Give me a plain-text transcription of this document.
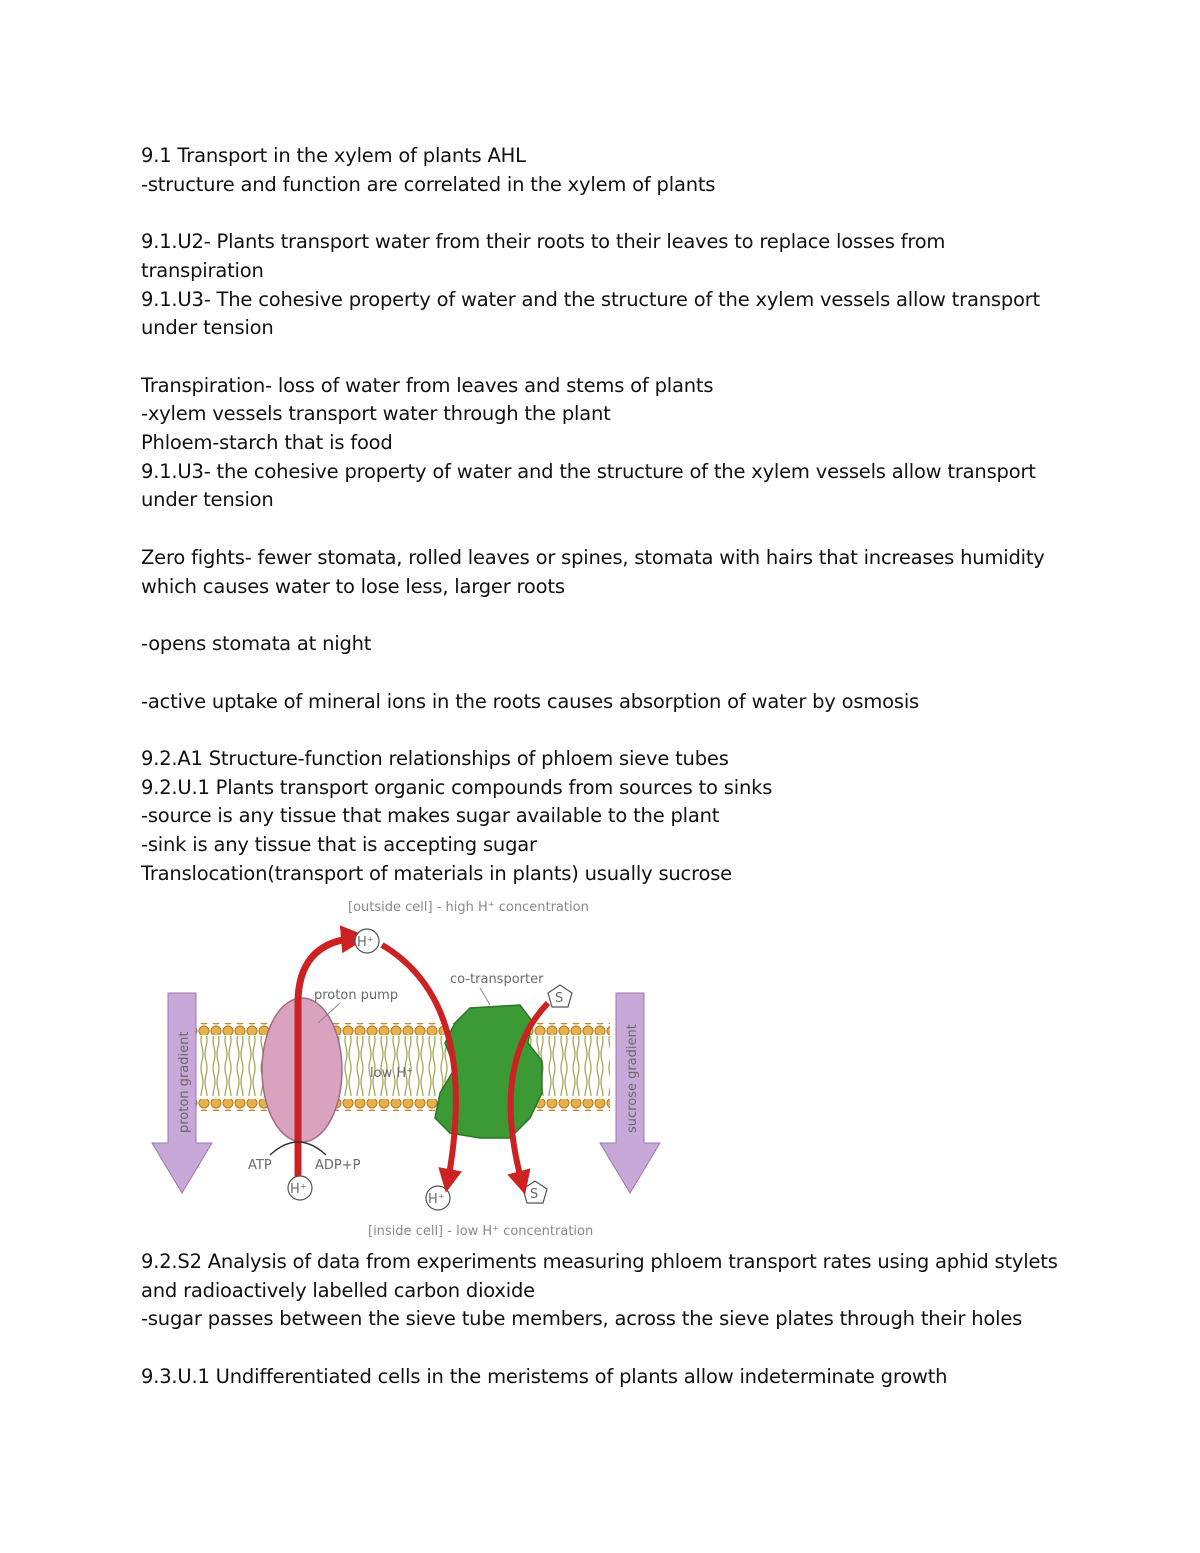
9.1 Transport in the xylem of plants AHL
-structure and function are correlated in the xylem of plants
9.1.U2- Plants transport water from their roots to their leaves to replace losses from
transpiration
9.1.U3- The cohesive property of water and the structure of the xylem vessels allow transport
under tension
Transpiration- loss of water from leaves and stems of plants
-xylem vessels transport water through the plant
Phloem-starch that is food
9.1.U3- the cohesive property of water and the structure of the xylem vessels allow transport
under tension
Zero fights- fewer stomata, rolled leaves or spines, stomata with hairs that increases humidity
which causes water to lose less, larger roots
-opens stomata at night
-active uptake of mineral ions in the roots causes absorption of water by osmosis
9.2.A1 Structure-function relationships of phloem sieve tubes
9.2.U.1 Plants transport organic compounds from sources to sinks
-source is any tissue that makes sugar available to the plant
-sink is any tissue that is accepting sugar
Translocation(transport of materials in plants) usually sucrose
[outside cell] - high H⁺ concentration
proton pump
co-transporter
low H⁺
ATP	ADP+P
H⁺
H⁺
H⁺
S
S
proton gradient	sucrose gradient
[inside cell] - low H⁺ concentration
9.2.S2 Analysis of data from experiments measuring phloem transport rates using aphid stylets
and radioactively labelled carbon dioxide
-sugar passes between the sieve tube members, across the sieve plates through their holes
9.3.U.1 Undifferentiated cells in the meristems of plants allow indeterminate growth
